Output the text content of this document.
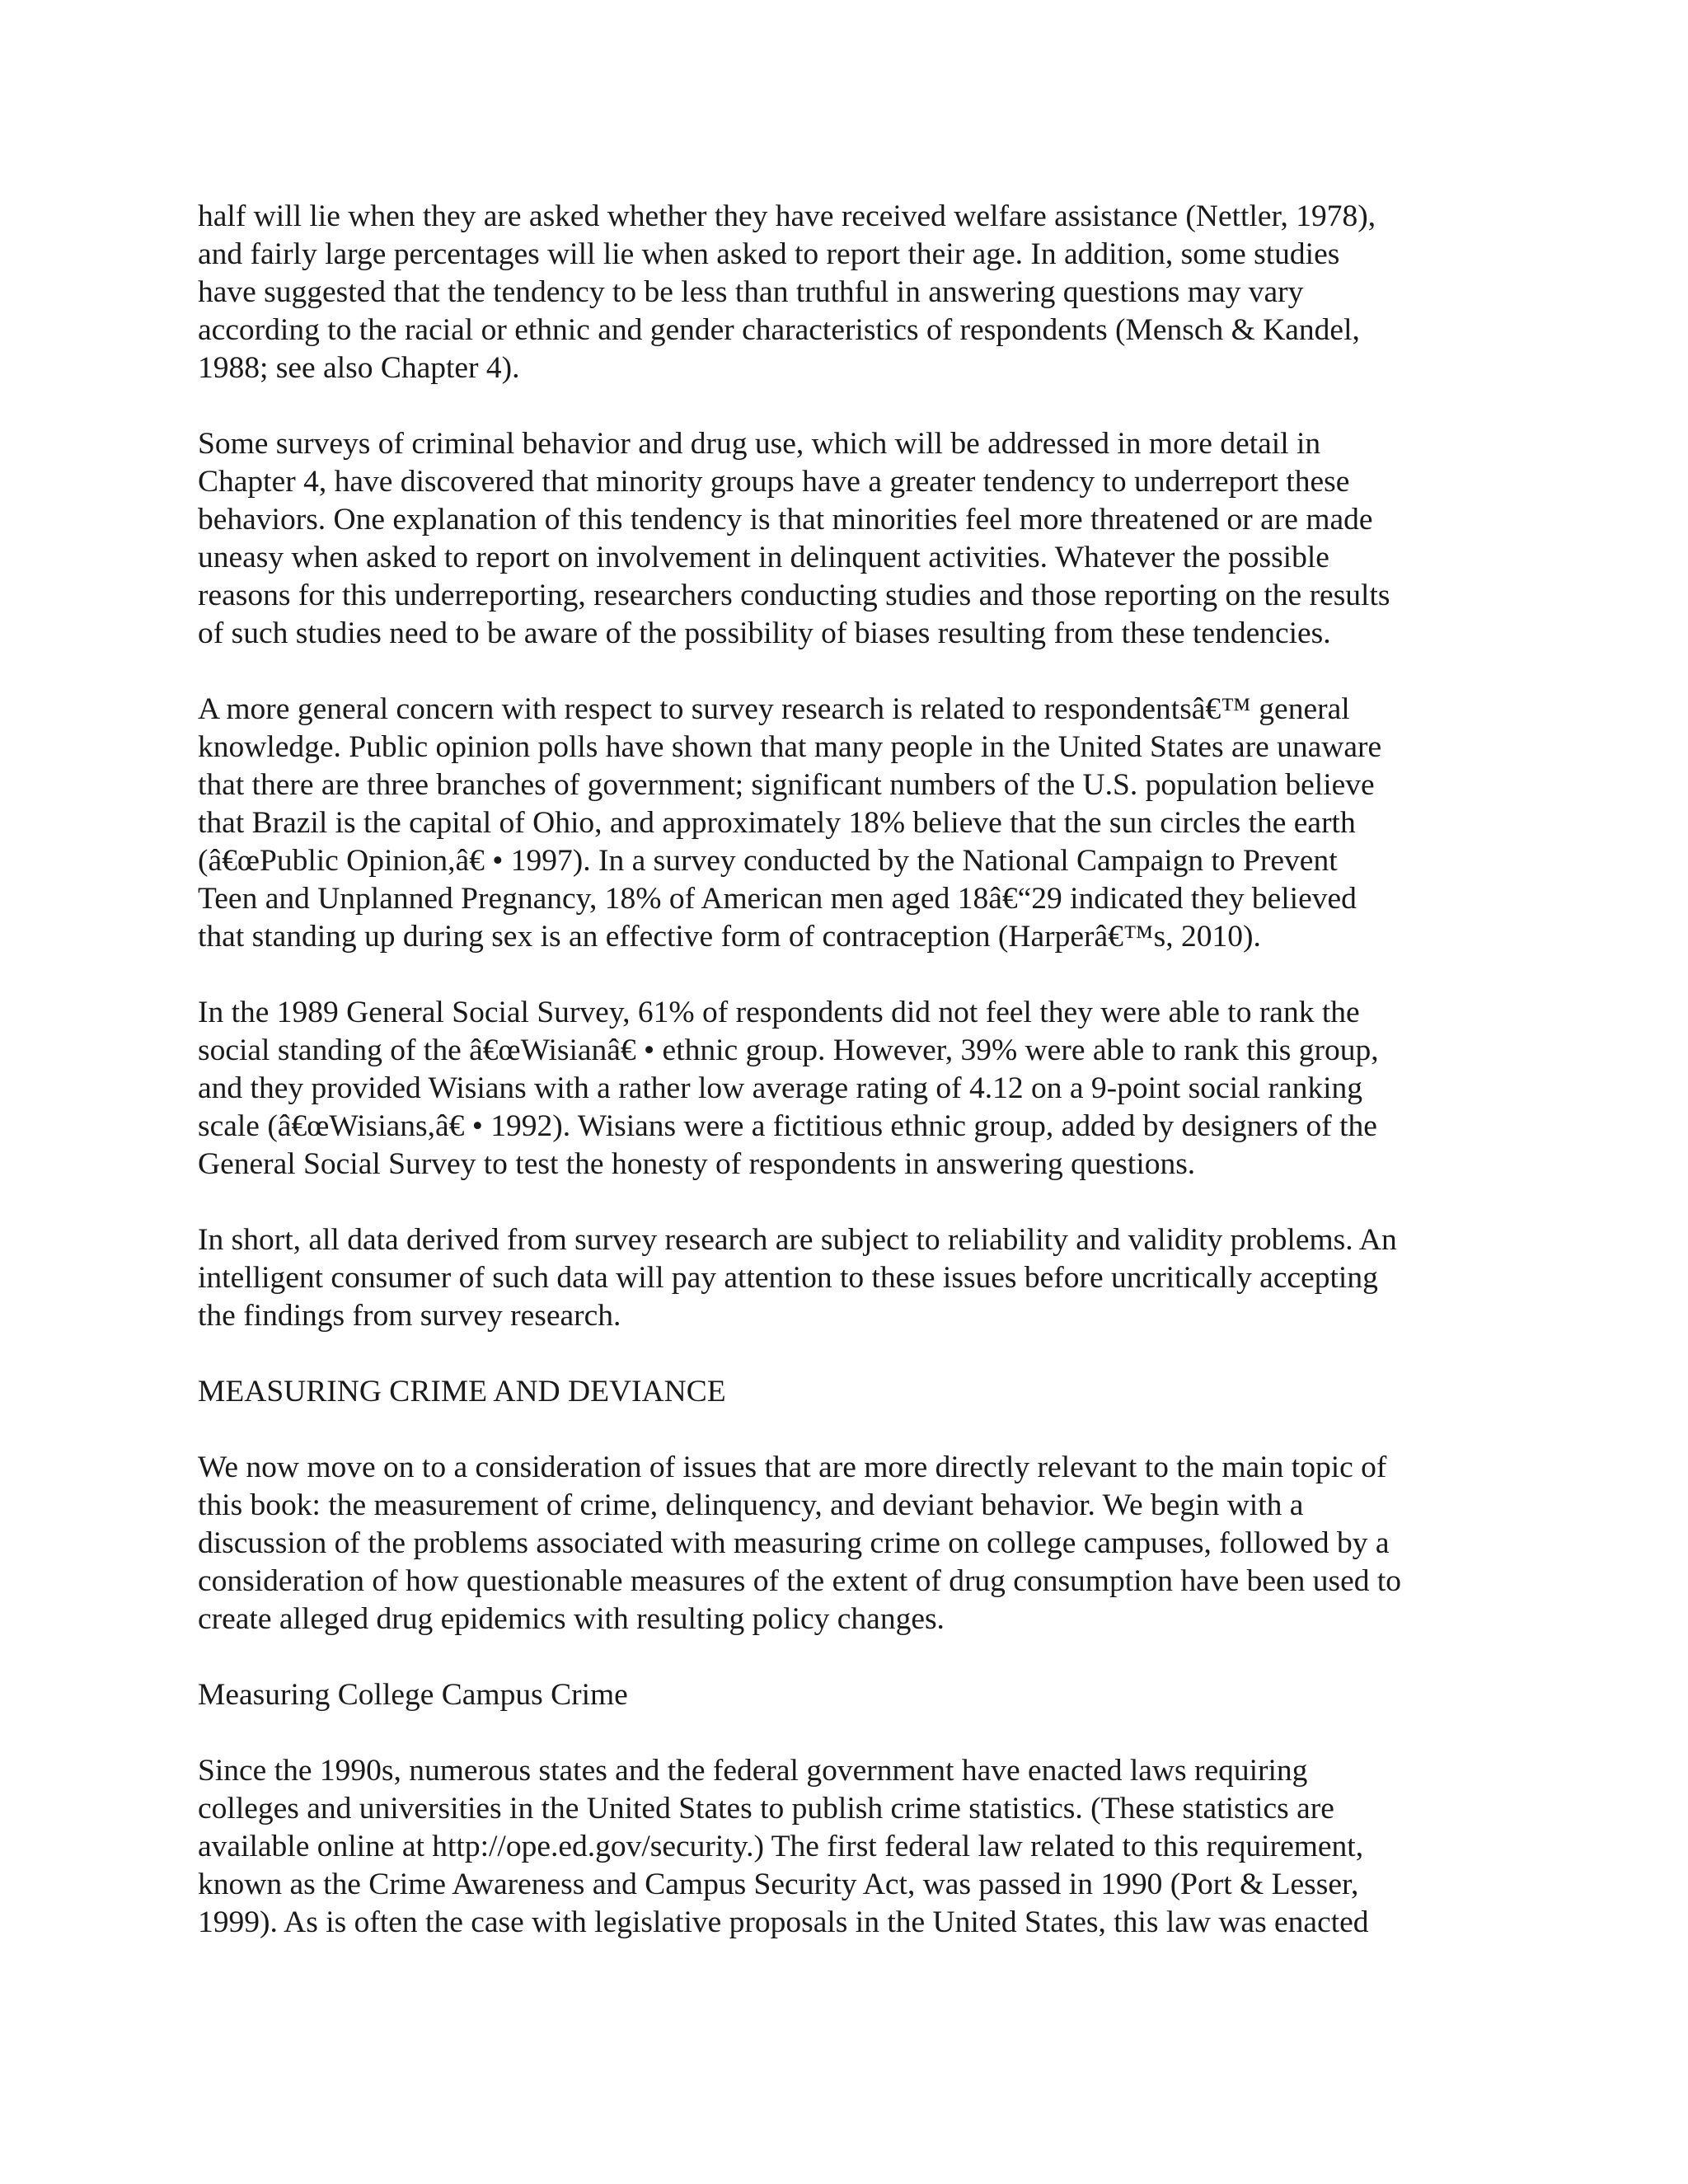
half will lie when they are asked whether they have received welfare assistance (Nettler, 1978),
and fairly large percentages will lie when asked to report their age. In addition, some studies
have suggested that the tendency to be less than truthful in answering questions may vary
according to the racial or ethnic and gender characteristics of respondents (Mensch & Kandel,
1988; see also Chapter 4).

Some surveys of criminal behavior and drug use, which will be addressed in more detail in
Chapter 4, have discovered that minority groups have a greater tendency to underreport these
behaviors. One explanation of this tendency is that minorities feel more threatened or are made
uneasy when asked to report on involvement in delinquent activities. Whatever the possible
reasons for this underreporting, researchers conducting studies and those reporting on the results
of such studies need to be aware of the possibility of biases resulting from these tendencies.

A more general concern with respect to survey research is related to respondentsâ€™ general
knowledge. Public opinion polls have shown that many people in the United States are unaware
that there are three branches of government; significant numbers of the U.S. population believe
that Brazil is the capital of Ohio, and approximately 18% believe that the sun circles the earth
(â€œPublic Opinion,â€ • 1997). In a survey conducted by the National Campaign to Prevent
Teen and Unplanned Pregnancy, 18% of American men aged 18â€“29 indicated they believed
that standing up during sex is an effective form of contraception (Harperâ€™s, 2010).

In the 1989 General Social Survey, 61% of respondents did not feel they were able to rank the
social standing of the â€œWisianâ€ • ethnic group. However, 39% were able to rank this group,
and they provided Wisians with a rather low average rating of 4.12 on a 9-point social ranking
scale (â€œWisians,â€ • 1992). Wisians were a fictitious ethnic group, added by designers of the
General Social Survey to test the honesty of respondents in answering questions.

In short, all data derived from survey research are subject to reliability and validity problems. An
intelligent consumer of such data will pay attention to these issues before uncritically accepting
the findings from survey research.

MEASURING CRIME AND DEVIANCE

We now move on to a consideration of issues that are more directly relevant to the main topic of
this book: the measurement of crime, delinquency, and deviant behavior. We begin with a
discussion of the problems associated with measuring crime on college campuses, followed by a
consideration of how questionable measures of the extent of drug consumption have been used to
create alleged drug epidemics with resulting policy changes.

Measuring College Campus Crime

Since the 1990s, numerous states and the federal government have enacted laws requiring
colleges and universities in the United States to publish crime statistics. (These statistics are
available online at http://ope.ed.gov/security.) The first federal law related to this requirement,
known as the Crime Awareness and Campus Security Act, was passed in 1990 (Port & Lesser,
1999). As is often the case with legislative proposals in the United States, this law was enacted
